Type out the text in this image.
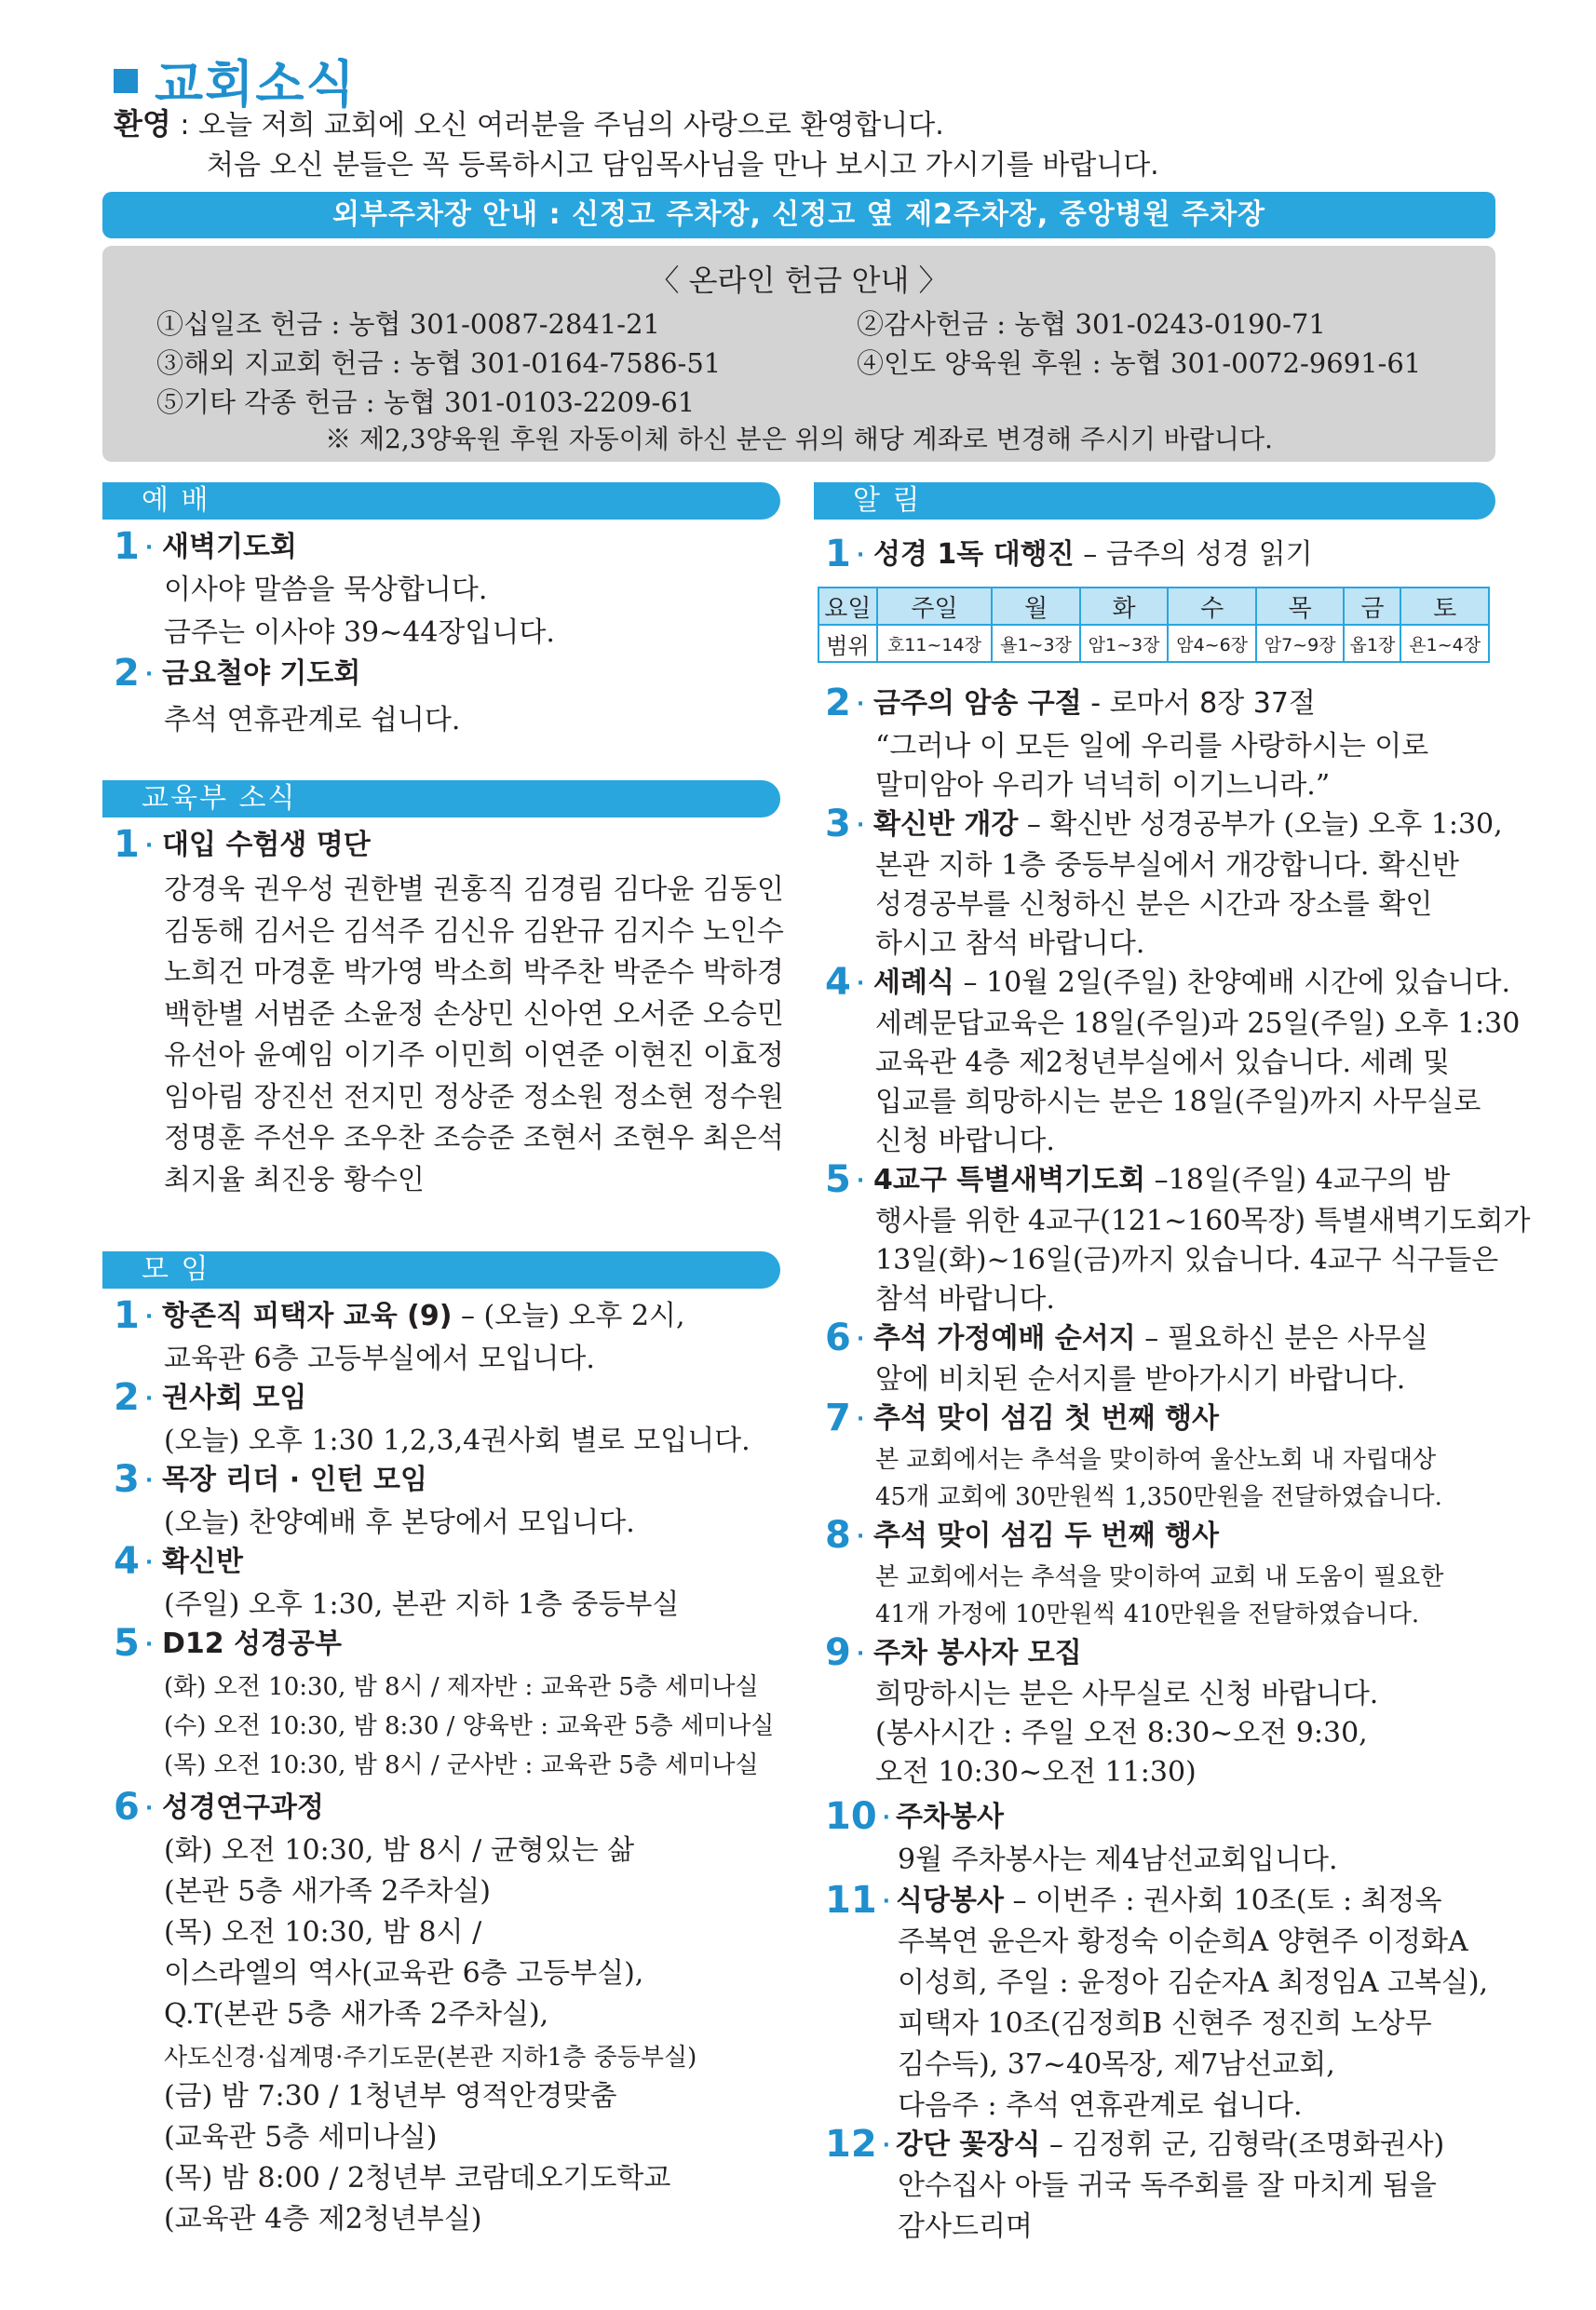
교회소식
환영 : 오늘 저희 교회에 오신 여러분을 주님의 사랑으로 환영합니다.
처음 오신 분들은 꼭 등록하시고 담임목사님을 만나 보시고 가시기를 바랍니다.
외부주차장 안내 : 신정고 주차장, 신정고 옆 제2주차장, 중앙병원 주차장
〈 온라인 헌금 안내 〉
①십일조 헌금 : 농협 301-0087-2841-21	②감사헌금 : 농협 301-0243-0190-71
③해외 지교회 헌금 : 농협 301-0164-7586-51	④인도 양육원 후원 : 농협 301-0072-9691-61
⑤기타 각종 헌금 : 농협 301-0103-2209-61
※ 제2,3양육원 후원 자동이체 하신 분은 위의 해당 계좌로 변경해 주시기 바랍니다.
예 배
1 · 새벽기도회
이사야 말씀을 묵상합니다.
금주는 이사야 39~44장입니다.
2 · 금요철야 기도회
추석 연휴관계로 쉽니다.
교육부 소식
1 · 대입 수험생 명단
강경욱 권우성 권한별 권홍직 김경림 김다윤 김동인
김동해 김서은 김석주 김신유 김완규 김지수 노인수
노희건 마경훈 박가영 박소희 박주찬 박준수 박하경
백한별 서범준 소윤정 손상민 신아연 오서준 오승민
유선아 윤예임 이기주 이민희 이연준 이현진 이효정
임아림 장진선 전지민 정상준 정소원 정소현 정수원
정명훈 주선우 조우찬 조승준 조현서 조현우 최은석
최지율 최진웅 황수인
모 임
1 · 항존직 피택자 교육 (9) – (오늘) 오후 2시,
교육관 6층 고등부실에서 모입니다.
2 · 권사회 모임
(오늘) 오후 1:30 1,2,3,4권사회 별로 모입니다.
3 · 목장 리더 · 인턴 모임
(오늘) 찬양예배 후 본당에서 모입니다.
4 · 확신반
(주일) 오후 1:30, 본관 지하 1층 중등부실
5 · D12 성경공부
(화) 오전 10:30, 밤 8시 / 제자반 : 교육관 5층 세미나실
(수) 오전 10:30, 밤 8:30 / 양육반 : 교육관 5층 세미나실
(목) 오전 10:30, 밤 8시 / 군사반 : 교육관 5층 세미나실
6 · 성경연구과정
(화) 오전 10:30, 밤 8시 / 균형있는 삶
(본관 5층 새가족 2주차실)
(목) 오전 10:30, 밤 8시 /
이스라엘의 역사(교육관 6층 고등부실),
Q.T(본관 5층 새가족 2주차실),
사도신경·십계명·주기도문(본관 지하1층 중등부실)
(금) 밤 7:30 / 1청년부 영적안경맞춤
(교육관 5층 세미나실)
(목) 밤 8:00 / 2청년부 코람데오기도학교
(교육관 4층 제2청년부실)
알 림
1 · 성경 1독 대행진 – 금주의 성경 읽기
요일	주일	월	화	수	목	금	토
범위	호11~14장	욜1~3장	암1~3장	암4~6장	암7~9장	옵1장	욘1~4장
2 · 금주의 암송 구절 - 로마서 8장 37절
“그러나 이 모든 일에 우리를 사랑하시는 이로
말미암아 우리가 넉넉히 이기느니라.”
3 · 확신반 개강 – 확신반 성경공부가 (오늘) 오후 1:30,
본관 지하 1층 중등부실에서 개강합니다. 확신반
성경공부를 신청하신 분은 시간과 장소를 확인
하시고 참석 바랍니다.
4 · 세례식 – 10월 2일(주일) 찬양예배 시간에 있습니다.
세례문답교육은 18일(주일)과 25일(주일) 오후 1:30
교육관 4층 제2청년부실에서 있습니다. 세례 및
입교를 희망하시는 분은 18일(주일)까지 사무실로
신청 바랍니다.
5 · 4교구 특별새벽기도회 –18일(주일) 4교구의 밤
행사를 위한 4교구(121~160목장) 특별새벽기도회가
13일(화)~16일(금)까지 있습니다. 4교구 식구들은
참석 바랍니다.
6 · 추석 가정예배 순서지 – 필요하신 분은 사무실
앞에 비치된 순서지를 받아가시기 바랍니다.
7 · 추석 맞이 섬김 첫 번째 행사
본 교회에서는 추석을 맞이하여 울산노회 내 자립대상
45개 교회에 30만원씩 1,350만원을 전달하였습니다.
8 · 추석 맞이 섬김 두 번째 행사
본 교회에서는 추석을 맞이하여 교회 내 도움이 필요한
41개 가정에 10만원씩 410만원을 전달하였습니다.
9 · 주차 봉사자 모집
희망하시는 분은 사무실로 신청 바랍니다.
(봉사시간 : 주일 오전 8:30~오전 9:30,
오전 10:30~오전 11:30)
10 · 주차봉사
9월 주차봉사는 제4남선교회입니다.
11 · 식당봉사 – 이번주 : 권사회 10조(토 : 최정옥
주복연 윤은자 황정숙 이순희A 양현주 이정화A
이성희, 주일 : 윤정아 김순자A 최정임A 고복실),
피택자 10조(김정희B 신현주 정진희 노상무
김수득), 37~40목장, 제7남선교회,
다음주 : 추석 연휴관계로 쉽니다.
12 · 강단 꽃장식 – 김정휘 군, 김형락(조명화권사)
안수집사 아들 귀국 독주회를 잘 마치게 됨을
감사드리며
